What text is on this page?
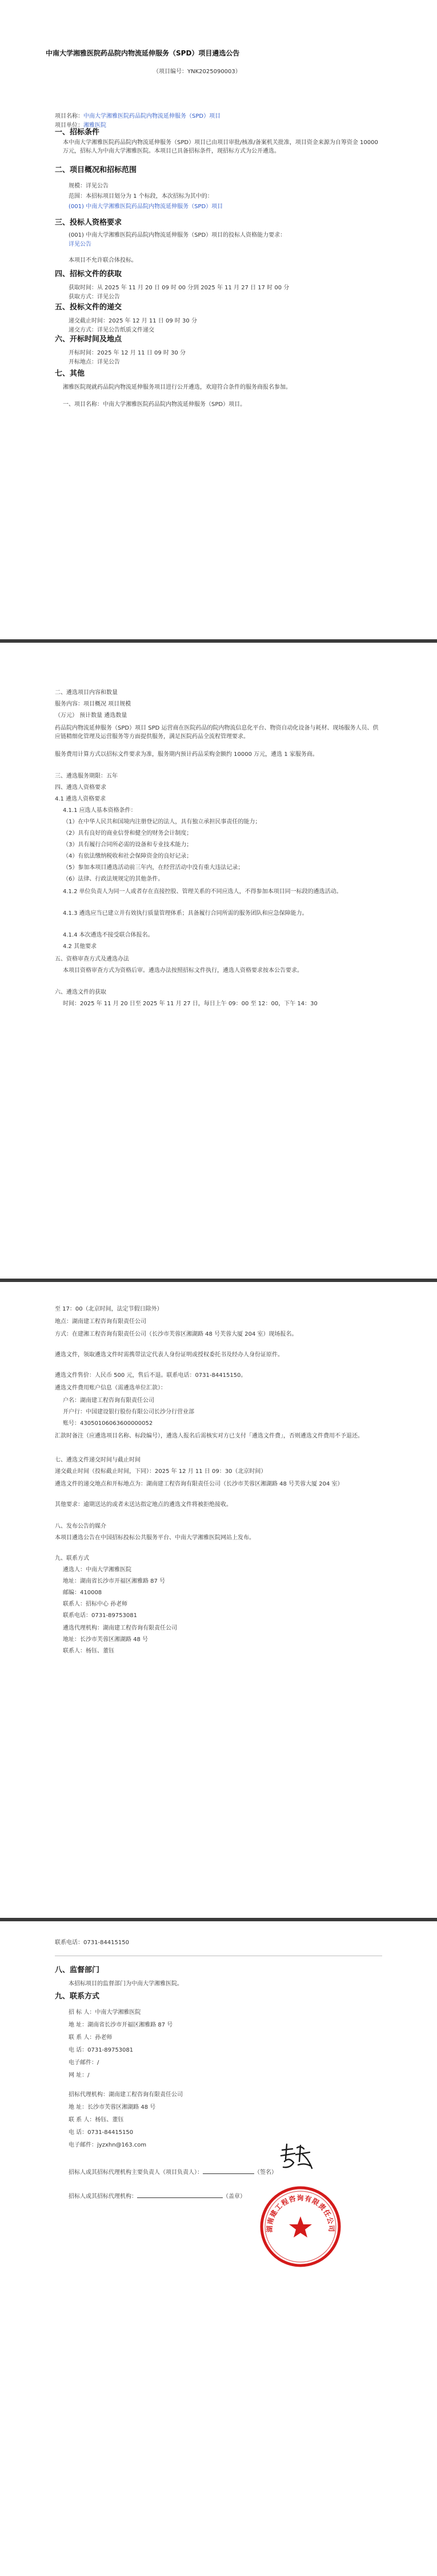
中南大学湘雅医院药品院内物流延伸服务（SPD）项目遴选公告
（项目编号：YNK2025090003）
项目名称：中南大学湘雅医院药品院内物流延伸服务（SPD）项目
项目单位：湘雅医院
一、招标条件
本中南大学湘雅医院药品院内物流延伸服务（SPD）项目已由项目审批/核准/备案机关批准，项目资金来源为自筹资金 10000 万元，招标人为中南大学湘雅医院。本项目已具备招标条件，现招标方式为公开遴选。
二、项目概况和招标范围
规模：详见公告
范围：本招标项目划分为 1 个标段，本次招标为其中的：
(001) 中南大学湘雅医院药品院内物流延伸服务（SPD）项目
三、投标人资格要求
(001) 中南大学湘雅医院药品院内物流延伸服务（SPD）项目的投标人资格能力要求：
详见公告
本项目不允许联合体投标。
四、招标文件的获取
获取时间：从 2025 年 11 月 20 日 09 时 00 分到 2025 年 11 月 27 日 17 时 00 分
获取方式：详见公告
五、投标文件的递交
递交截止时间：2025 年 12 月 11 日 09 时 30 分
递交方式：详见公告纸质文件递交
六、开标时间及地点
开标时间：2025 年 12 月 11 日 09 时 30 分
开标地点：详见公告
七、其他
湘雅医院现就药品院内物流延伸服务项目进行公开遴选，欢迎符合条件的服务商报名参加。
一、项目名称：中南大学湘雅医院药品院内物流延伸服务（SPD）项目。
二、遴选项目内容和数量
服务内容：项目概况 项目规模
（万元） 预计数量 遴选数量
药品院内物流延伸服务（SPD）项目 SPD 运营商在医院药品的院内物流信息化平台、物资自动化设备与耗材、现场服务人员、供应链精细化管理及运营服务等方面提供服务，满足医院药品全流程管理要求。
服务费用计算方式以招标文件要求为准，服务期内预计药品采购金额约 10000 万元，遴选 1 家服务商。
三、遴选服务期限：五年
四、遴选人资格要求
4.1 遴选人资格要求
4.1.1 应选人基本资格条件：
（1）在中华人民共和国境内注册登记的法人，具有独立承担民事责任的能力；
（2）具有良好的商业信誉和健全的财务会计制度；
（3）具有履行合同所必需的设备和专业技术能力；
（4）有依法缴纳税收和社会保障资金的良好记录；
（5）参加本项目遴选活动前三年内，在经营活动中没有重大违法记录；
（6）法律、行政法规规定的其他条件。
4.1.2 单位负责人为同一人或者存在直接控股、管理关系的不同应选人，不得参加本项目同一标段的遴选活动。
4.1.3 遴选应当已建立并有效执行质量管理体系；具备履行合同所需的服务团队和应急保障能力。
4.1.4 本次遴选不接受联合体报名。
4.2 其他要求
五、资格审查方式及遴选办法
本项目资格审查方式为资格后审。遴选办法按照招标文件执行，遴选人资格要求按本公告要求。
六、遴选文件的获取
时间：2025 年 11 月 20 日至 2025 年 11 月 27 日，每日上午 09：00 至 12：00，下午 14：30
至 17：00（北京时间，法定节假日除外）
地点：湖南建工程咨询有限责任公司
方式：在建湘工程咨询有限责任公司（长沙市芙蓉区湘湖路 48 号芙蓉大厦 204 室）现场报名。
遴选文件，领取遴选文件时需携带法定代表人身份证明或授权委托书及经办人身份证原件。
遴选文件售价：人民币 500 元，售后不退。联系电话：0731-84415150。
遴选文件费用账户信息（需遴选单位汇款）：
户名：湖南建工程咨询有限责任公司
开户行：中国建设银行股份有限公司长沙分行营业部
账号：43050106063600000052
汇款时备注（应遴选项目名称、标段编号），遴选人报名后需核实对方已支付「遴选文件费」，否则遴选文件费用不予退还。
七、遴选文件递交时间与截止时间
递交截止时间（投标截止时间，下同）：2025 年 12 月 11 日 09：30（北京时间）
遴选文件的递交地点和开标地点为：湖南建工程咨询有限责任公司（长沙市芙蓉区湘湖路 48 号芙蓉大厦 204 室）
其他要求：逾期送达的或者未送达指定地点的遴选文件将被拒绝接收。
八、发布公告的媒介
本项目遴选公告在中国招标投标公共服务平台、中南大学湘雅医院网站上发布。
九、联系方式
遴选人：中南大学湘雅医院
地址：湖南省长沙市开福区湘雅路 87 号
邮编：410008
联系人：招标中心 孙老师
联系电话：0731-89753081
遴选代理机构：湖南建工程咨询有限责任公司
地址：长沙市芙蓉区湘湖路 48 号
联系人：杨钰、董钰
联系电话：0731-84415150
八、监督部门
本招标项目的监督部门为中南大学湘雅医院。
九、联系方式
招 标 人：中南大学湘雅医院
地 址：湖南省长沙市开福区湘雅路 87 号
联 系 人：孙老师
电 话：0731-89753081
电子邮件：/
网 址：/
招标代理机构：湖南建工程咨询有限责任公司
地 址：长沙市芙蓉区湘湖路 48 号
联 系 人：杨钰、董钰
电 话：0731-84415150
电子邮件：jyzxhn@163.com
招标人或其招标代理机构主要负责人（项目负责人）：	（签名）
招标人或其招标代理机构：	（盖章）
湖南建工程咨询有限责任公司
